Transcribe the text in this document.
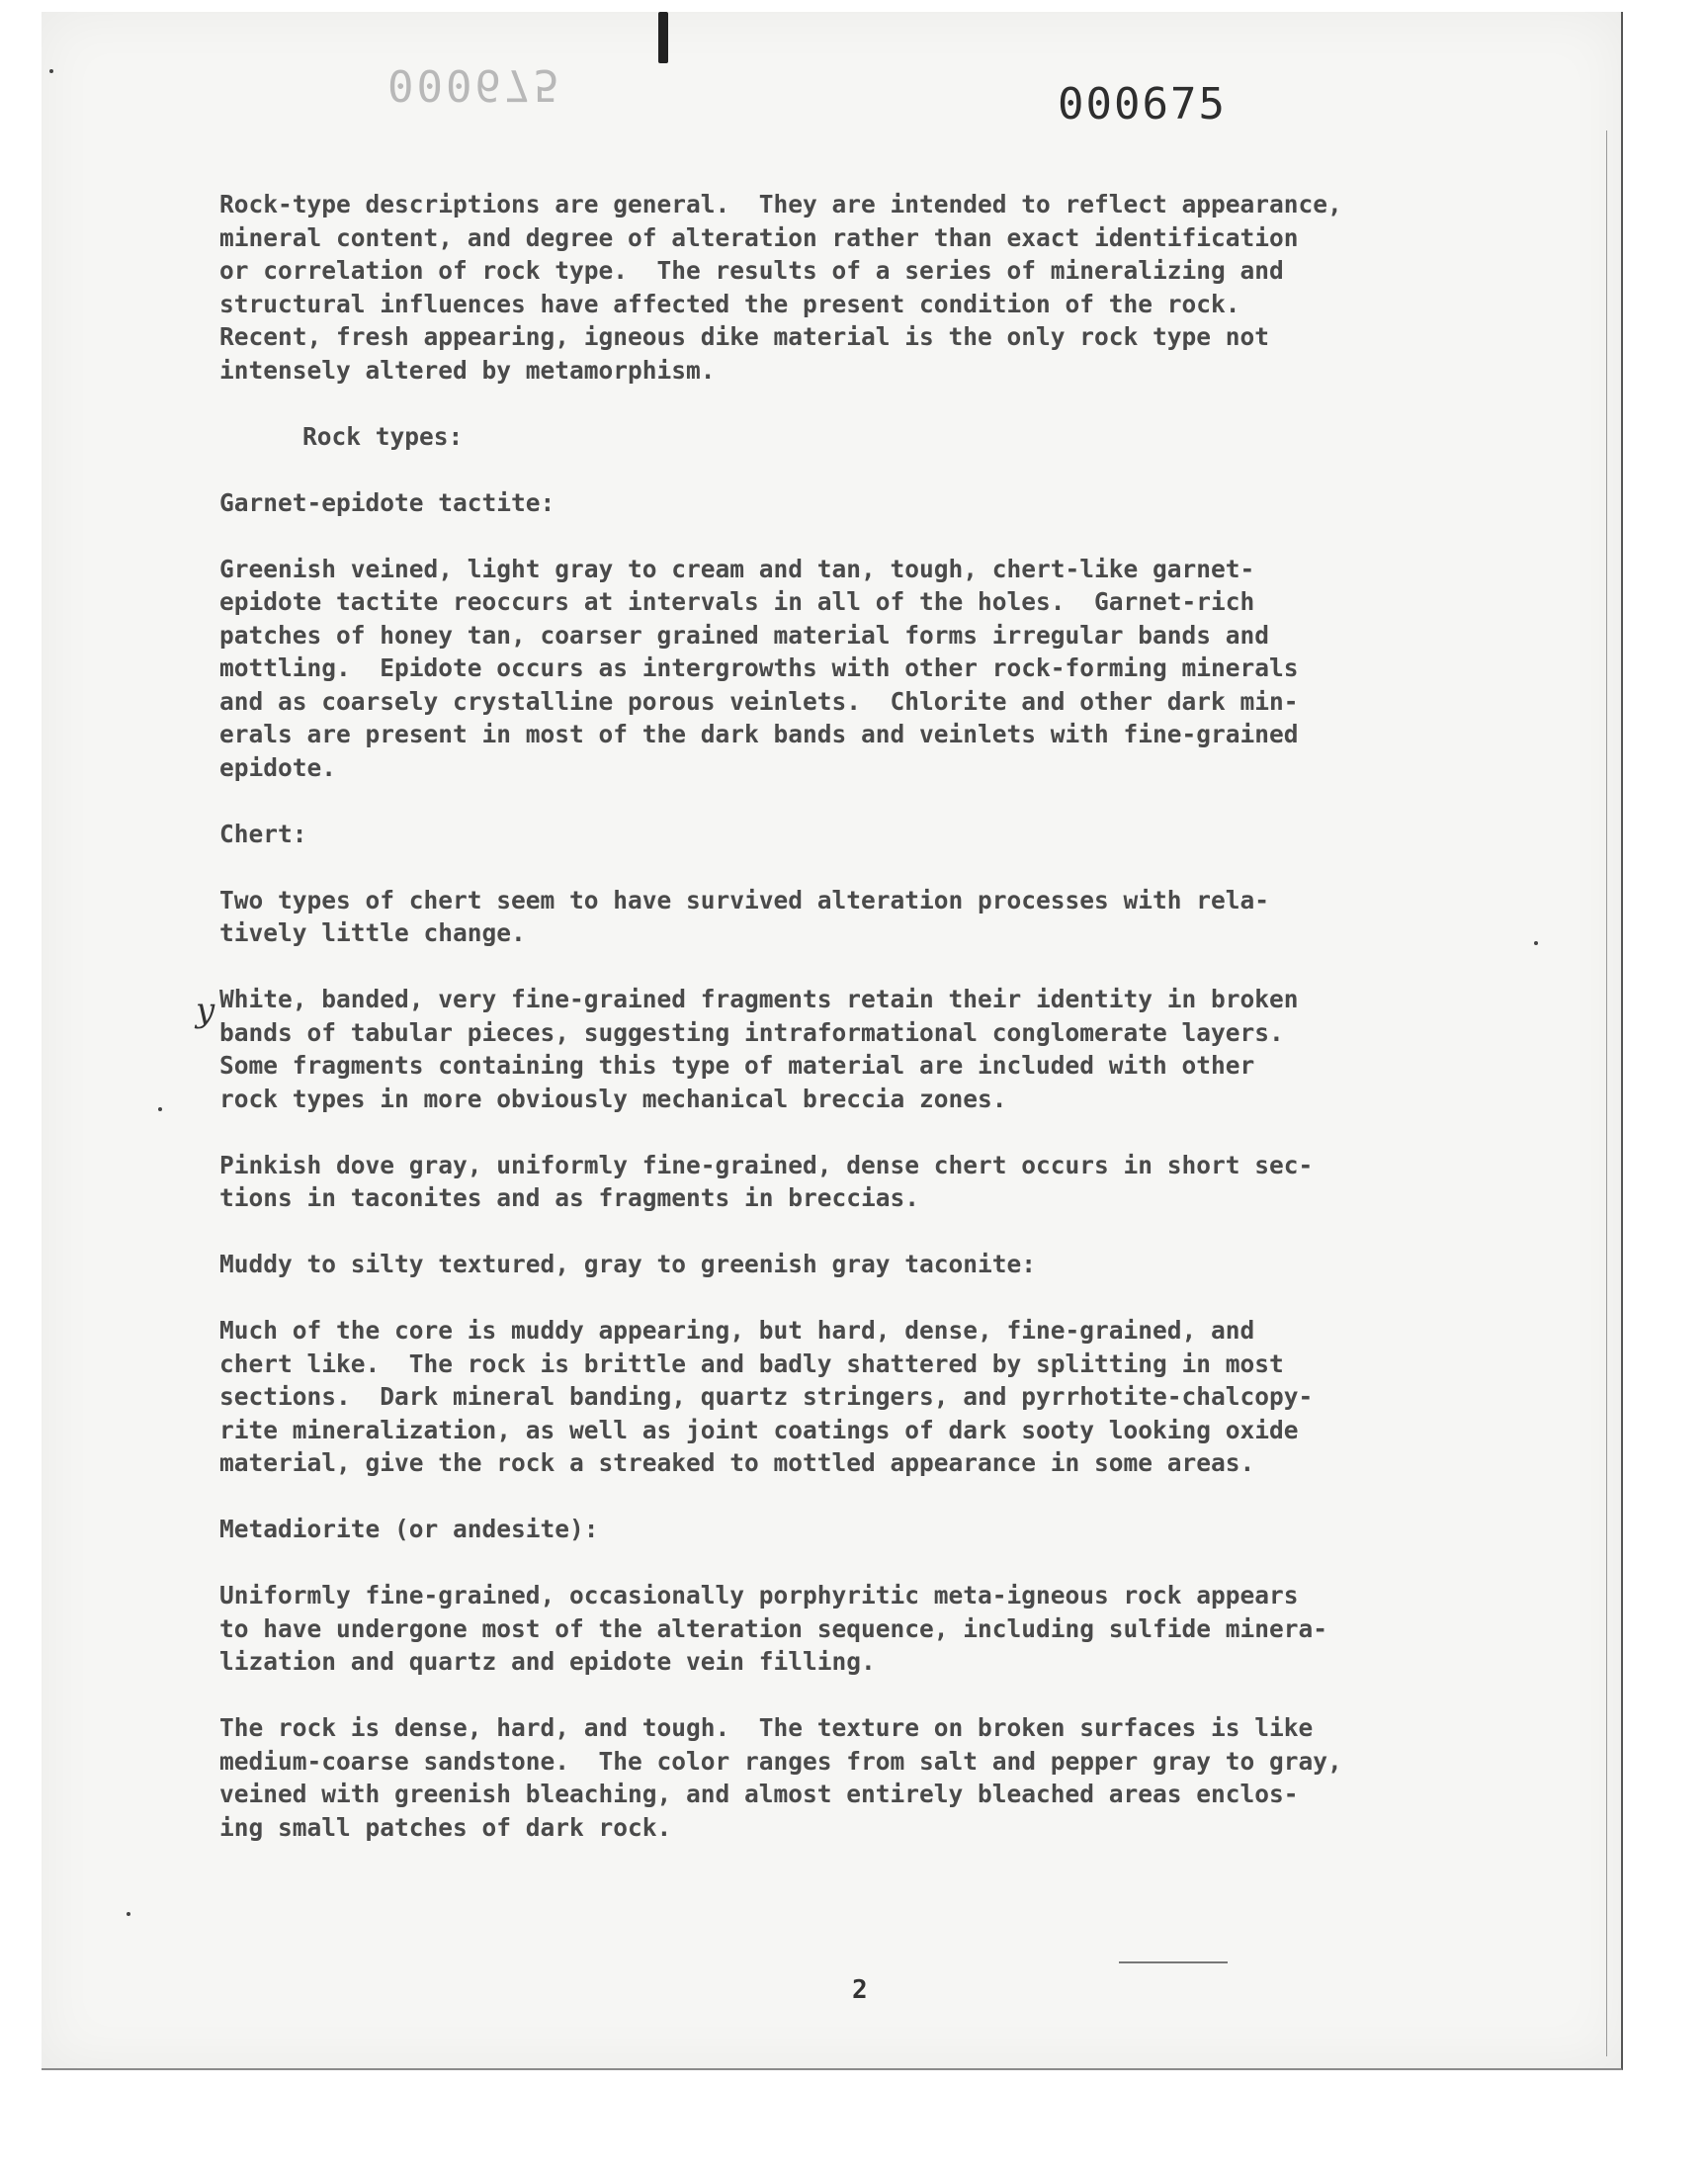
000675	000675
y
Rock-type descriptions are general.  They are intended to reflect appearance,
mineral content, and degree of alteration rather than exact identification
or correlation of rock type.  The results of a series of mineralizing and
structural influences have affected the present condition of the rock.
Recent, fresh appearing, igneous dike material is the only rock type not
intensely altered by metamorphism.
Rock types:
Garnet-epidote tactite:
Greenish veined, light gray to cream and tan, tough, chert-like garnet-
epidote tactite reoccurs at intervals in all of the holes.  Garnet-rich
patches of honey tan, coarser grained material forms irregular bands and
mottling.  Epidote occurs as intergrowths with other rock-forming minerals
and as coarsely crystalline porous veinlets.  Chlorite and other dark min-
erals are present in most of the dark bands and veinlets with fine-grained
epidote.
Chert:
Two types of chert seem to have survived alteration processes with rela-
tively little change.
White, banded, very fine-grained fragments retain their identity in broken
bands of tabular pieces, suggesting intraformational conglomerate layers.
Some fragments containing this type of material are included with other
rock types in more obviously mechanical breccia zones.
Pinkish dove gray, uniformly fine-grained, dense chert occurs in short sec-
tions in taconites and as fragments in breccias.
Muddy to silty textured, gray to greenish gray taconite:
Much of the core is muddy appearing, but hard, dense, fine-grained, and
chert like.  The rock is brittle and badly shattered by splitting in most
sections.  Dark mineral banding, quartz stringers, and pyrrhotite-chalcopy-
rite mineralization, as well as joint coatings of dark sooty looking oxide
material, give the rock a streaked to mottled appearance in some areas.
Metadiorite (or andesite):
Uniformly fine-grained, occasionally porphyritic meta-igneous rock appears
to have undergone most of the alteration sequence, including sulfide minera-
lization and quartz and epidote vein filling.
The rock is dense, hard, and tough.  The texture on broken surfaces is like
medium-coarse sandstone.  The color ranges from salt and pepper gray to gray,
veined with greenish bleaching, and almost entirely bleached areas enclos-
ing small patches of dark rock.
2
